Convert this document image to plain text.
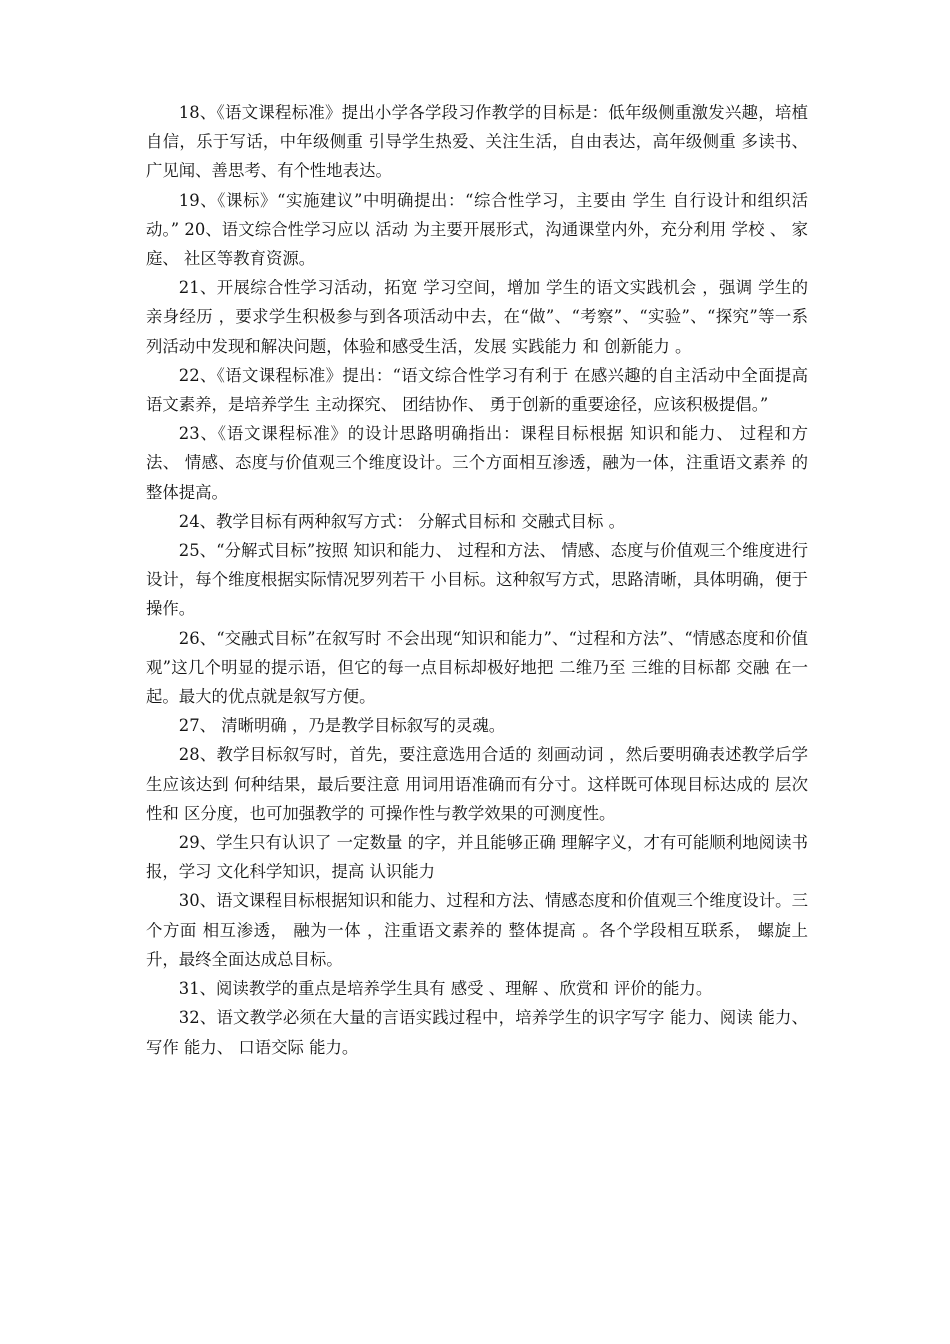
18、《语文课程标准》提出小学各学段习作教学的目标是：低年级侧重激发兴趣，培植自信，乐于写话，中年级侧重 引导学生热爱、关注生活，自由表达，高年级侧重 多读书、广见闻、善思考、有个性地表达。

19、《课标》“实施建议”中明确提出：“综合性学习，主要由 学生 自行设计和组织活动。” 20、语文综合性学习应以 活动 为主要开展形式，沟通课堂内外，充分利用 学校 、 家庭、 社区等教育资源。

21、开展综合性学习活动，拓宽 学习空间，增加 学生的语文实践机会 ，强调 学生的亲身经历 ，要求学生积极参与到各项活动中去，在“做”、“考察”、“实验”、“探究”等一系列活动中发现和解决问题，体验和感受生活，发展 实践能力 和 创新能力 。

22、《语文课程标准》提出：“语文综合性学习有利于 在感兴趣的自主活动中全面提高语文素养，是培养学生 主动探究、 团结协作、 勇于创新的重要途径，应该积极提倡。”

23、《语文课程标准》的设计思路明确指出：课程目标根据 知识和能力、 过程和方法、 情感、态度与价值观三个维度设计。三个方面相互渗透，融为一体，注重语文素养 的整体提高。

24、教学目标有两种叙写方式： 分解式目标和 交融式目标 。

25、“分解式目标”按照 知识和能力、 过程和方法、 情感、态度与价值观三个维度进行设计，每个维度根据实际情况罗列若干 小目标。这种叙写方式，思路清晰，具体明确，便于操作。

26、“交融式目标”在叙写时 不会出现“知识和能力”、“过程和方法”、“情感态度和价值观”这几个明显的提示语，但它的每一点目标却极好地把 二维乃至 三维的目标都 交融 在一起。最大的优点就是叙写方便。

27、 清晰明确 ，乃是教学目标叙写的灵魂。

28、教学目标叙写时，首先，要注意选用合适的 刻画动词 ，然后要明确表述教学后学生应该达到 何种结果，最后要注意 用词用语准确而有分寸。这样既可体现目标达成的 层次性和 区分度，也可加强教学的 可操作性与教学效果的可测度性。

29、学生只有认识了 一定数量 的字，并且能够正确 理解字义，才有可能顺利地阅读书报，学习 文化科学知识，提高 认识能力

30、语文课程目标根据知识和能力、过程和方法、情感态度和价值观三个维度设计。三个方面 相互渗透， 融为一体 ，注重语文素养的 整体提高 。各个学段相互联系， 螺旋上升，最终全面达成总目标。

31、阅读教学的重点是培养学生具有 感受 、理解 、欣赏和 评价的能力。

32、语文教学必须在大量的言语实践过程中，培养学生的识字写字 能力、阅读 能力、 写作 能力、 口语交际 能力。
